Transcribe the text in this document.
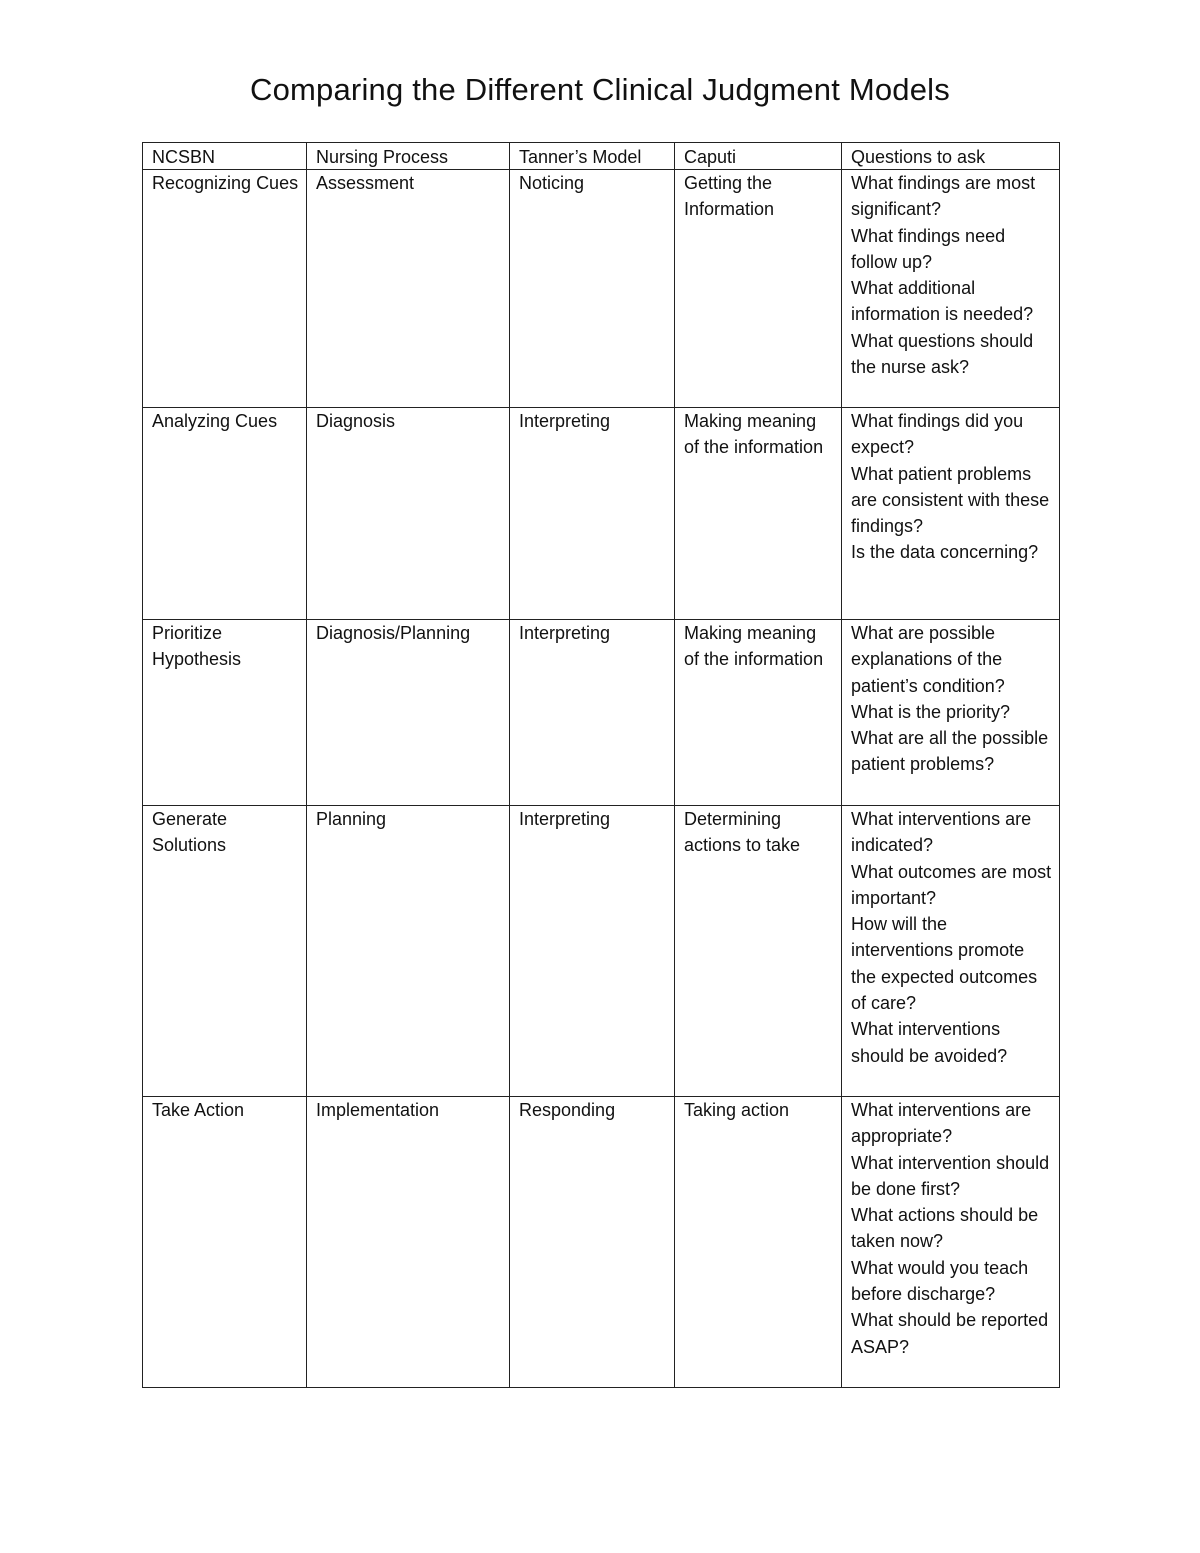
Comparing the Different Clinical Judgment Models
NCSBN	Nursing Process	Tanner’s Model	Caputi	Questions to ask
Recognizing Cues	Assessment	Noticing	Getting the Information	What findings are most significant?
What findings need follow up?
What additional information is needed?
What questions should the nurse ask?

Analyzing Cues	Diagnosis	Interpreting	Making meaning of the information	What findings did you expect?
What patient problems are consistent with these findings?
Is the data concerning?

Prioritize Hypothesis	Diagnosis/Planning	Interpreting	Making meaning of the information	What are possible explanations of the patient’s condition?
What is the priority?
What are all the possible patient problems?

Generate Solutions	Planning	Interpreting	Determining actions to take	What interventions are indicated?
What outcomes are most important?
How will the interventions promote the expected outcomes of care?
What interventions should be avoided?

Take Action	Implementation	Responding	Taking action	What interventions are appropriate?
What intervention should be done first?
What actions should be taken now?
What would you teach before discharge?
What should be reported ASAP?
